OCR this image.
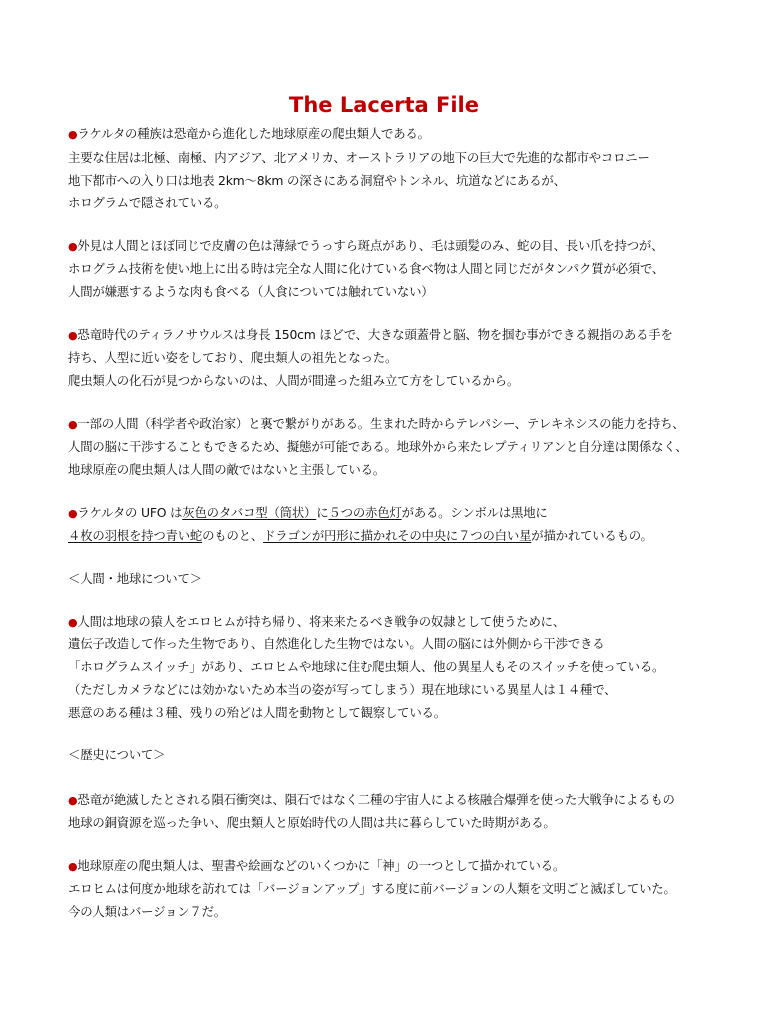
The Lacerta File

●ラケルタの種族は恐竜から進化した地球原産の爬虫類人である。

主要な住居は北極、南極、内アジア、北アメリカ、オーストラリアの地下の巨大で先進的な都市やコロニー

地下都市への入り口は地表 2km～8km の深さにある洞窟やトンネル、坑道などにあるが、

ホログラムで隠されている。

●外見は人間とほぼ同じで皮膚の色は薄緑でうっすら斑点があり、毛は頭髪のみ、蛇の目、長い爪を持つが、

ホログラム技術を使い地上に出る時は完全な人間に化けている食べ物は人間と同じだがタンパク質が必須で、

人間が嫌悪するような肉も食べる（人食については触れていない）

●恐竜時代のティラノサウルスは身長 150cm ほどで、大きな頭蓋骨と脳、物を掴む事ができる親指のある手を

持ち、人型に近い姿をしており、爬虫類人の祖先となった。

爬虫類人の化石が見つからないのは、人間が間違った組み立て方をしているから。

●一部の人間（科学者や政治家）と裏で繋がりがある。生まれた時からテレパシー、テレキネシスの能力を持ち、

人間の脳に干渉することもできるため、擬態が可能である。地球外から来たレプティリアンと自分達は関係なく、

地球原産の爬虫類人は人間の敵ではないと主張している。

●ラケルタの UFO は灰色のタバコ型（筒状）に５つの赤色灯がある。シンボルは黒地に

４枚の羽根を持つ青い蛇のものと、ドラゴンが円形に描かれその中央に７つの白い星が描かれているもの。

＜人間・地球について＞

●人間は地球の猿人をエロヒムが持ち帰り、将来来たるべき戦争の奴隷として使うために、

遺伝子改造して作った生物であり、自然進化した生物ではない。人間の脳には外側から干渉できる

「ホログラムスイッチ」があり、エロヒムや地球に住む爬虫類人、他の異星人もそのスイッチを使っている。

（ただしカメラなどには効かないため本当の姿が写ってしまう）現在地球にいる異星人は１４種で、

悪意のある種は３種、残りの殆どは人間を動物として観察している。

＜歴史について＞

●恐竜が絶滅したとされる隕石衝突は、隕石ではなく二種の宇宙人による核融合爆弾を使った大戦争によるもの

地球の銅資源を巡った争い、爬虫類人と原始時代の人間は共に暮らしていた時期がある。

●地球原産の爬虫類人は、聖書や絵画などのいくつかに「神」の一つとして描かれている。

エロヒムは何度か地球を訪れては「バージョンアップ」する度に前バージョンの人類を文明ごと滅ぼしていた。

今の人類はバージョン７だ。
